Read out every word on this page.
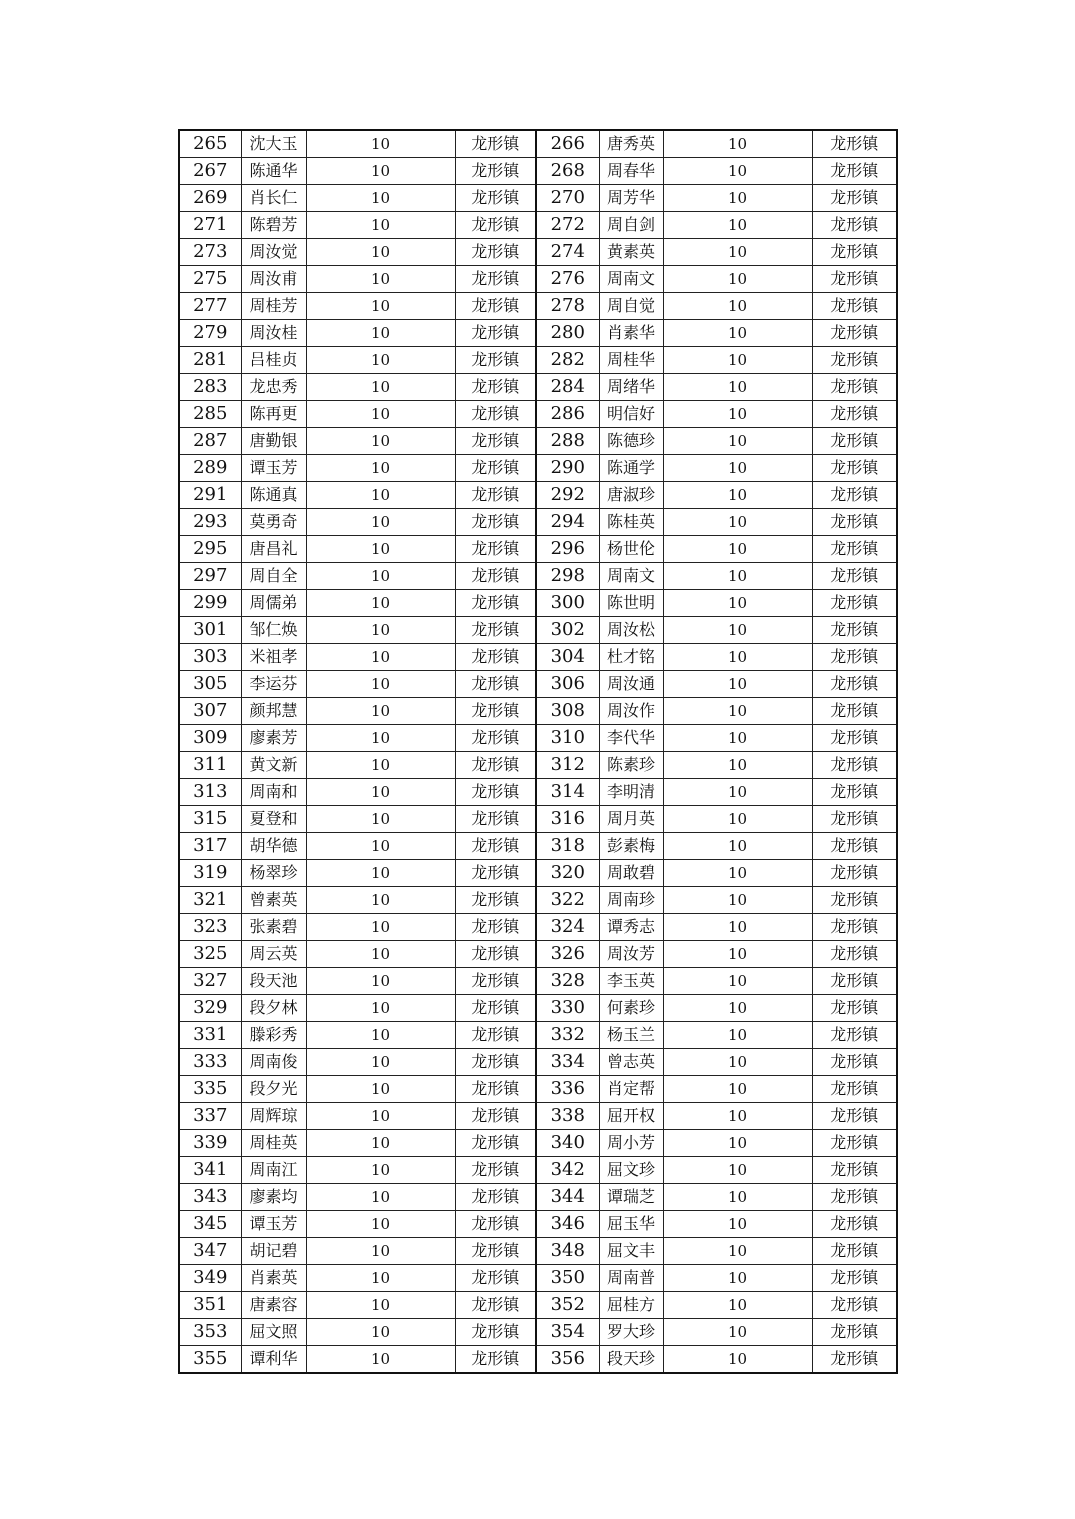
265	沈大玉	10	龙形镇	266	唐秀英	10	龙形镇
267	陈通华	10	龙形镇	268	周春华	10	龙形镇
269	肖长仁	10	龙形镇	270	周芳华	10	龙形镇
271	陈碧芳	10	龙形镇	272	周自剑	10	龙形镇
273	周汝觉	10	龙形镇	274	黄素英	10	龙形镇
275	周汝甫	10	龙形镇	276	周南文	10	龙形镇
277	周桂芳	10	龙形镇	278	周自觉	10	龙形镇
279	周汝桂	10	龙形镇	280	肖素华	10	龙形镇
281	吕桂贞	10	龙形镇	282	周桂华	10	龙形镇
283	龙忠秀	10	龙形镇	284	周绪华	10	龙形镇
285	陈再更	10	龙形镇	286	明信好	10	龙形镇
287	唐勤银	10	龙形镇	288	陈德珍	10	龙形镇
289	谭玉芳	10	龙形镇	290	陈通学	10	龙形镇
291	陈通真	10	龙形镇	292	唐淑珍	10	龙形镇
293	莫勇奇	10	龙形镇	294	陈桂英	10	龙形镇
295	唐昌礼	10	龙形镇	296	杨世伦	10	龙形镇
297	周自全	10	龙形镇	298	周南文	10	龙形镇
299	周儒弟	10	龙形镇	300	陈世明	10	龙形镇
301	邹仁焕	10	龙形镇	302	周汝松	10	龙形镇
303	米祖孝	10	龙形镇	304	杜才铭	10	龙形镇
305	李运芬	10	龙形镇	306	周汝通	10	龙形镇
307	颜邦慧	10	龙形镇	308	周汝作	10	龙形镇
309	廖素芳	10	龙形镇	310	李代华	10	龙形镇
311	黄文新	10	龙形镇	312	陈素珍	10	龙形镇
313	周南和	10	龙形镇	314	李明清	10	龙形镇
315	夏登和	10	龙形镇	316	周月英	10	龙形镇
317	胡华德	10	龙形镇	318	彭素梅	10	龙形镇
319	杨翠珍	10	龙形镇	320	周敢碧	10	龙形镇
321	曾素英	10	龙形镇	322	周南珍	10	龙形镇
323	张素碧	10	龙形镇	324	谭秀志	10	龙形镇
325	周云英	10	龙形镇	326	周汝芳	10	龙形镇
327	段天池	10	龙形镇	328	李玉英	10	龙形镇
329	段夕林	10	龙形镇	330	何素珍	10	龙形镇
331	滕彩秀	10	龙形镇	332	杨玉兰	10	龙形镇
333	周南俊	10	龙形镇	334	曾志英	10	龙形镇
335	段夕光	10	龙形镇	336	肖定帮	10	龙形镇
337	周辉琼	10	龙形镇	338	屈开权	10	龙形镇
339	周桂英	10	龙形镇	340	周小芳	10	龙形镇
341	周南江	10	龙形镇	342	屈文珍	10	龙形镇
343	廖素均	10	龙形镇	344	谭瑞芝	10	龙形镇
345	谭玉芳	10	龙形镇	346	屈玉华	10	龙形镇
347	胡记碧	10	龙形镇	348	屈文丰	10	龙形镇
349	肖素英	10	龙形镇	350	周南普	10	龙形镇
351	唐素容	10	龙形镇	352	屈桂方	10	龙形镇
353	屈文照	10	龙形镇	354	罗大珍	10	龙形镇
355	谭利华	10	龙形镇	356	段天珍	10	龙形镇
